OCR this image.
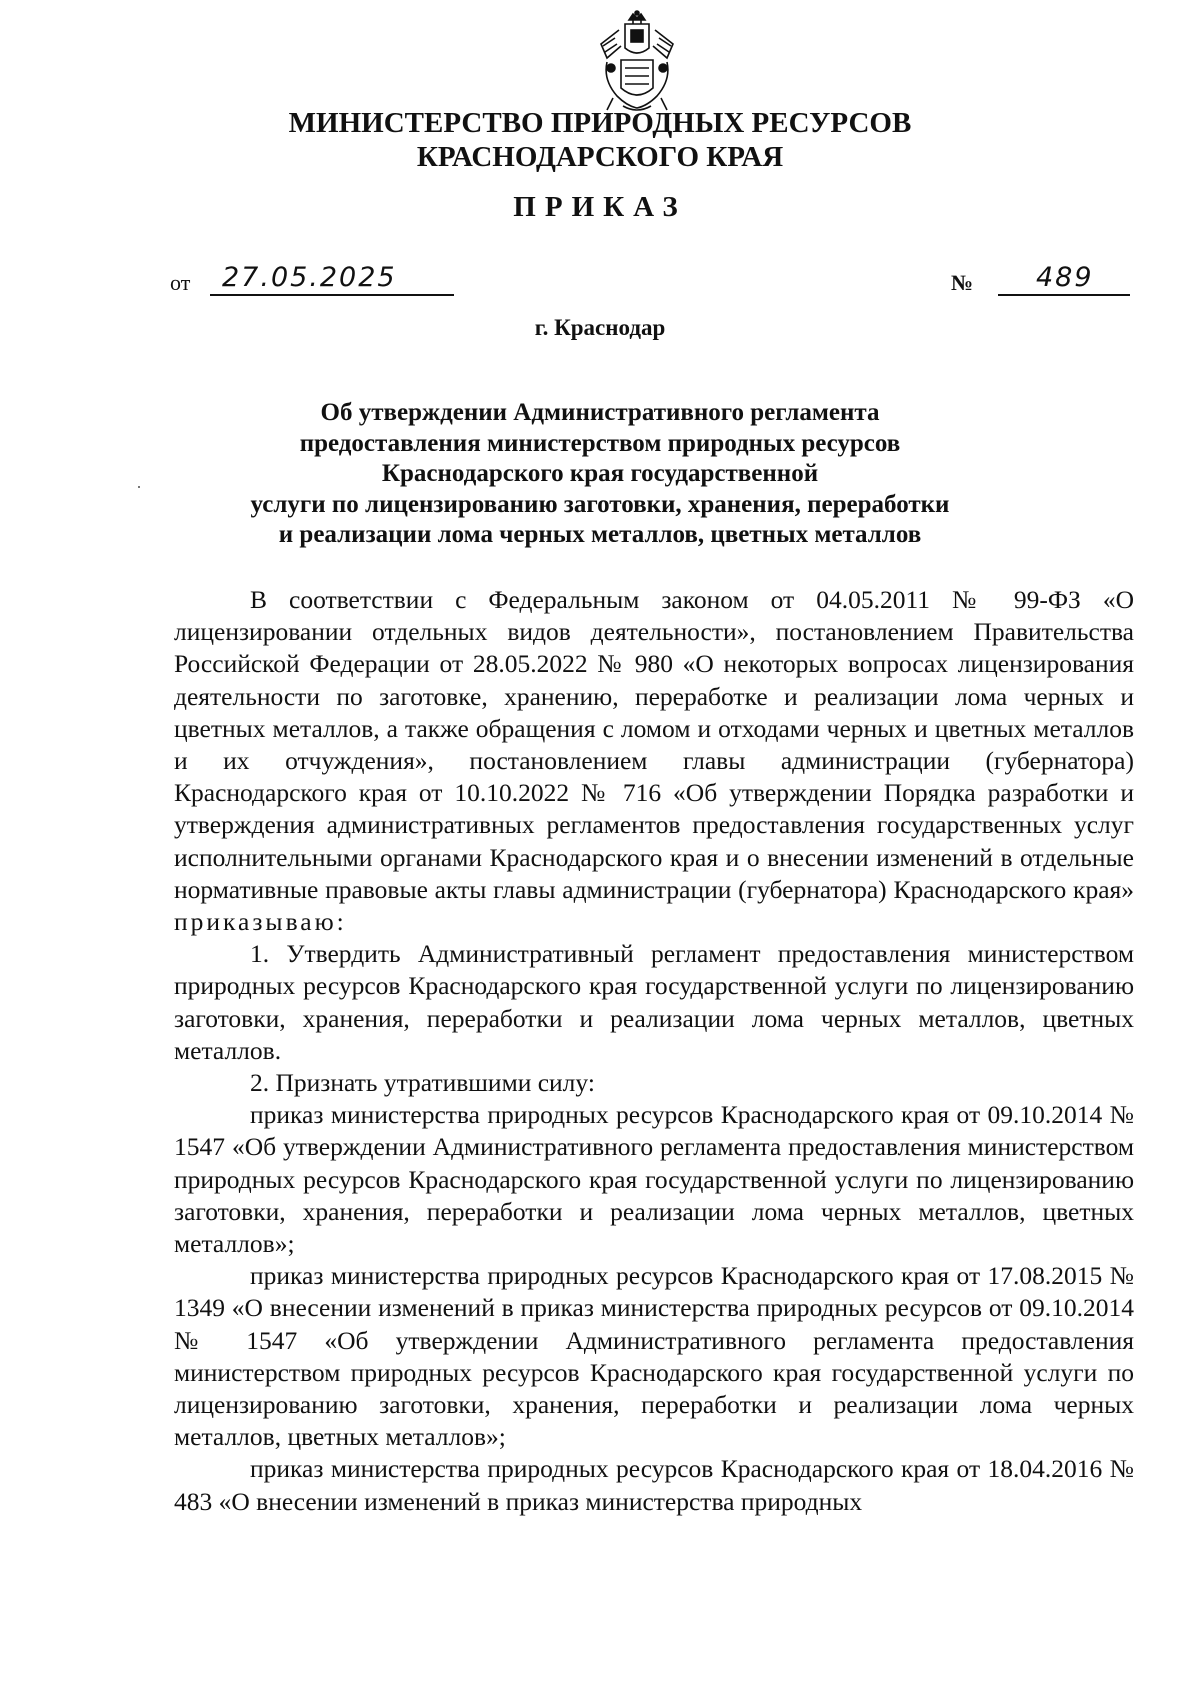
МИНИСТЕРСТВО ПРИРОДНЫХ РЕСУРСОВ
КРАСНОДАРСКОГО КРАЯ
ПРИКАЗ
от	27.05.2025	№	489
г. Краснодар
Об утверждении Административного регламента
предоставления министерством природных ресурсов
Краснодарского края государственной
услуги по лицензированию заготовки, хранения, переработки
и реализации лома черных металлов, цветных металлов

В соответствии с Федеральным законом от 04.05.2011 № 99-ФЗ «О лицензировании отдельных видов деятельности», постановлением Правительства Российской Федерации от 28.05.2022 № 980 «О некоторых вопросах лицензирования деятельности по заготовке, хранению, переработке и реализации лома черных и цветных металлов, а также обращения с ломом и отходами черных и цветных металлов и их отчуждения», постановлением главы администрации (губернатора) Краснодарского края от 10.10.2022 № 716 «Об утверждении Порядка разработки и утверждения административных регламентов предоставления государственных услуг исполнительными органами Краснодарского края и о внесении изменений в отдельные нормативные правовые акты главы администрации (губернатора) Краснодарского края» приказываю:

1. Утвердить Административный регламент предоставления министерством природных ресурсов Краснодарского края государственной услуги по лицензированию заготовки, хранения, переработки и реализации лома черных металлов, цветных металлов.

2. Признать утратившими силу:

приказ министерства природных ресурсов Краснодарского края от 09.10.2014 № 1547 «Об утверждении Административного регламента предоставления министерством природных ресурсов Краснодарского края государственной услуги по лицензированию заготовки, хранения, переработки и реализации лома черных металлов, цветных металлов»;

приказ министерства природных ресурсов Краснодарского края от 17.08.2015 № 1349 «О внесении изменений в приказ министерства природных ресурсов от 09.10.2014 № 1547 «Об утверждении Административного регламента предоставления министерством природных ресурсов Краснодарского края государственной услуги по лицензированию заготовки, хранения, переработки и реализации лома черных металлов, цветных металлов»;

приказ министерства природных ресурсов Краснодарского края от 18.04.2016 № 483 «О внесении изменений в приказ министерства природных
